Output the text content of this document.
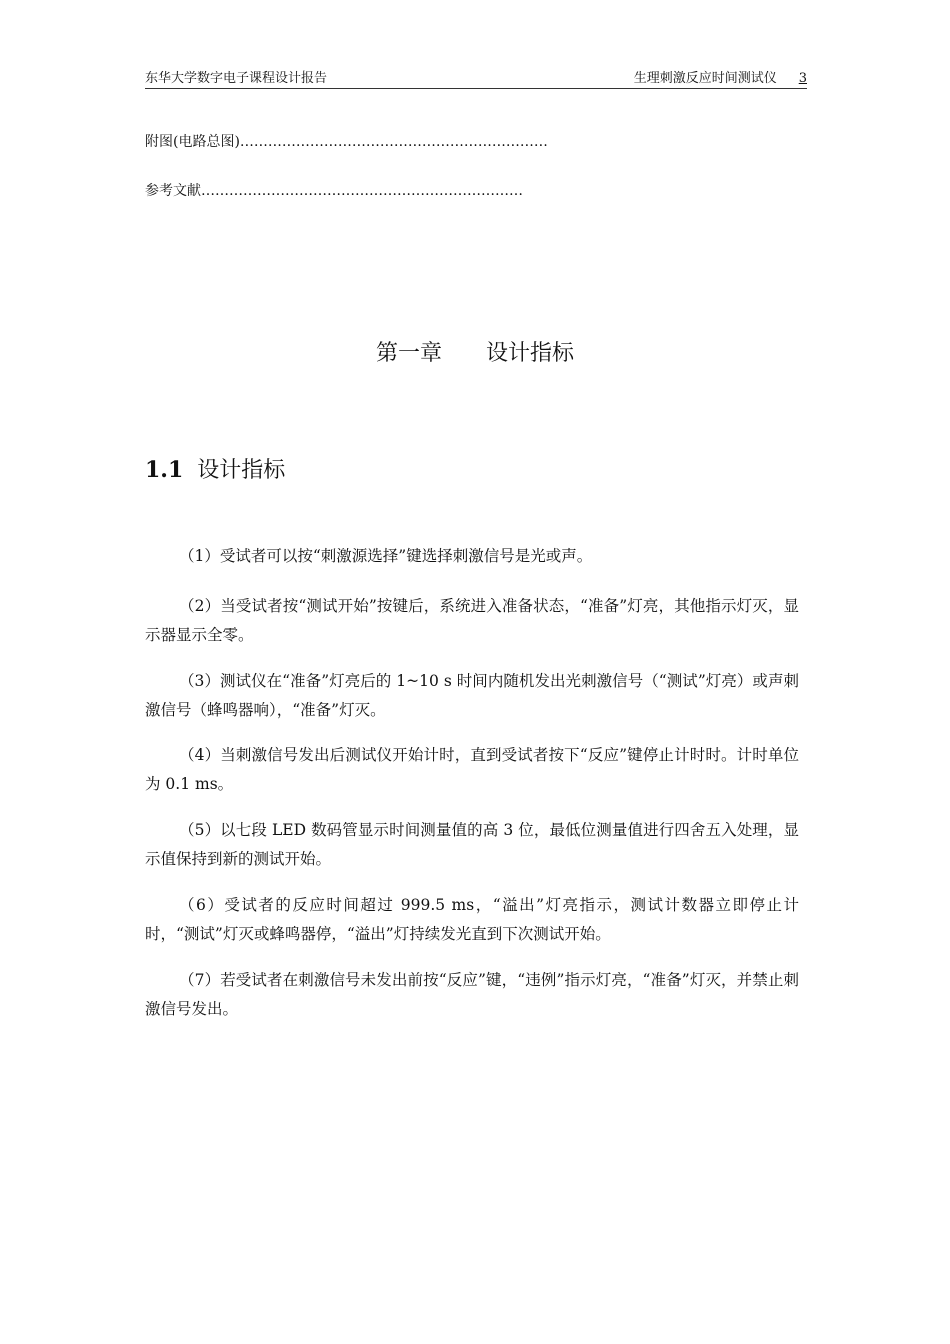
东华大学数字电子课程设计报告	生理刺激反应时间测试仪 3
附图(电路总图)…………………………………………………………
参考文献……………………………………………………………
第一章　　设计指标
1.1 设计指标

（1）受试者可以按“刺激源选择”键选择刺激信号是光或声。

（2）当受试者按“测试开始”按键后，系统进入准备状态，“准备”灯亮，其他指示灯灭，显示器显示全零。

（3）测试仪在“准备”灯亮后的 1~10 s 时间内随机发出光刺激信号（“测试”灯亮）或声刺激信号（蜂鸣器响），“准备”灯灭。

（4）当刺激信号发出后测试仪开始计时，直到受试者按下“反应”键停止计时时。计时单位为 0.1 ms。

（5）以七段 LED 数码管显示时间测量值的高 3 位，最低位测量值进行四舍五入处理，显示值保持到新的测试开始。

（6）受试者的反应时间超过 999.5 ms，“溢出”灯亮指示，测试计数器立即停止计时，“测试”灯灭或蜂鸣器停，“溢出”灯持续发光直到下次测试开始。

（7）若受试者在刺激信号未发出前按“反应”键，“违例”指示灯亮，“准备”灯灭，并禁止刺激信号发出。
